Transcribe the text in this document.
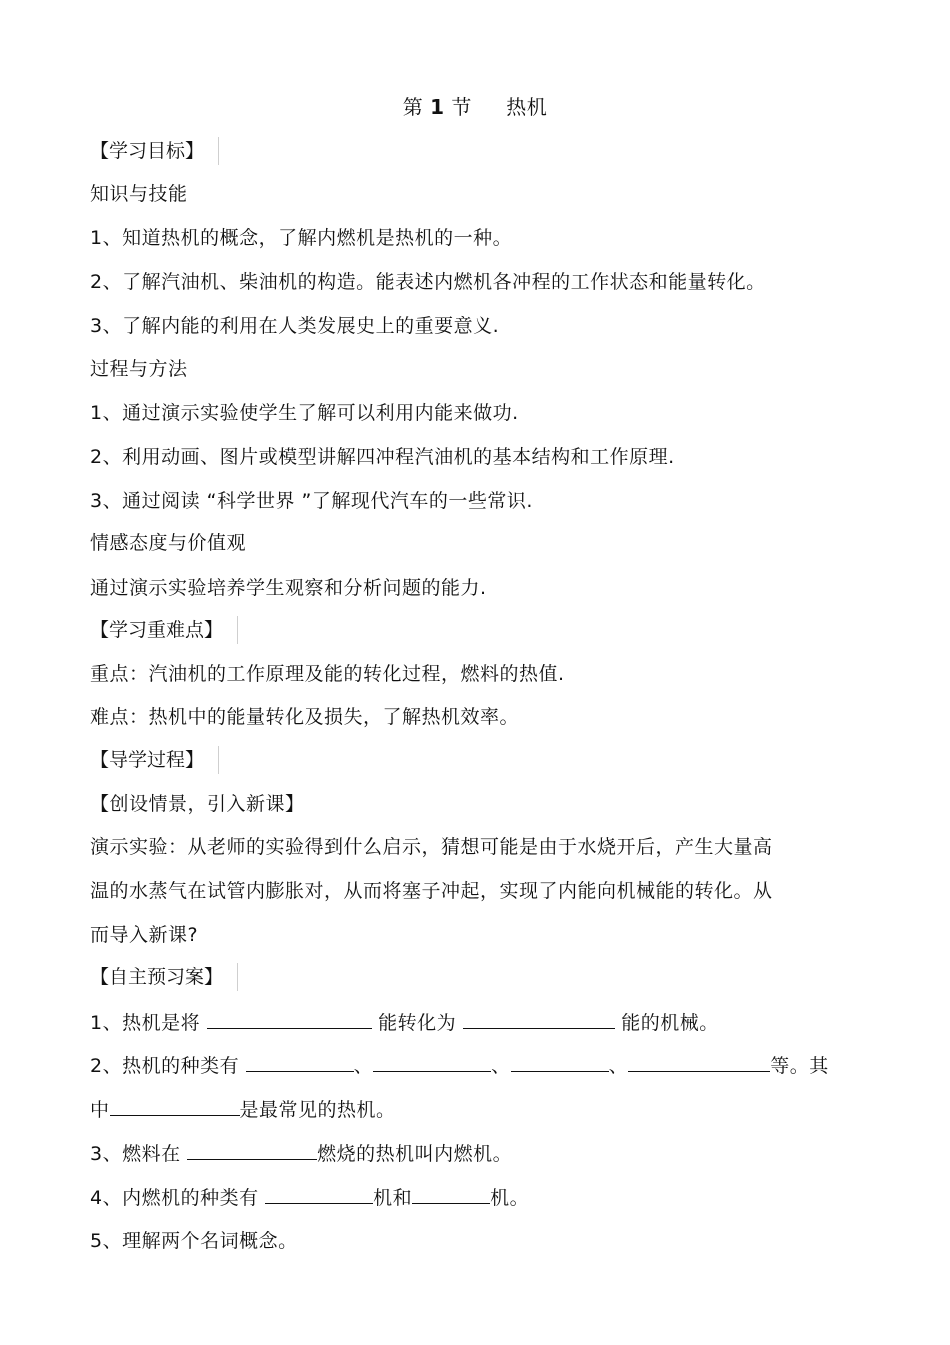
第 1 节 热机
【学习目标】
知识与技能
1、知道热机的概念，了解内燃机是热机的一种。
2、了解汽油机、柴油机的构造。能表述内燃机各冲程的工作状态和能量转化。
3、了解内能的利用在人类发展史上的重要意义.
过程与方法
1、通过演示实验使学生了解可以利用内能来做功.
2、利用动画、图片或模型讲解四冲程汽油机的基本结构和工作原理.
3、通过阅读 “科学世界 ”了解现代汽车的一些常识.
情感态度与价值观
通过演示实验培养学生观察和分析问题的能力.
【学习重难点】
重点：汽油机的工作原理及能的转化过程，燃料的热值.
难点：热机中的能量转化及损失，了解热机效率。
【导学过程】
【创设情景，引入新课】
演示实验：从老师的实验得到什么启示，猜想可能是由于水烧开后，产生大量高
温的水蒸气在试管内膨胀对，从而将塞子冲起，实现了内能向机械能的转化。从
而导入新课?
【自主预习案】
1、热机是将	能转化为	能的机械。
2、热机的种类有	、	、	、	等。其
中	是最常见的热机。
3、燃料在	燃烧的热机叫内燃机。
4、内燃机的种类有	机和	机。
5、理解两个名词概念。
